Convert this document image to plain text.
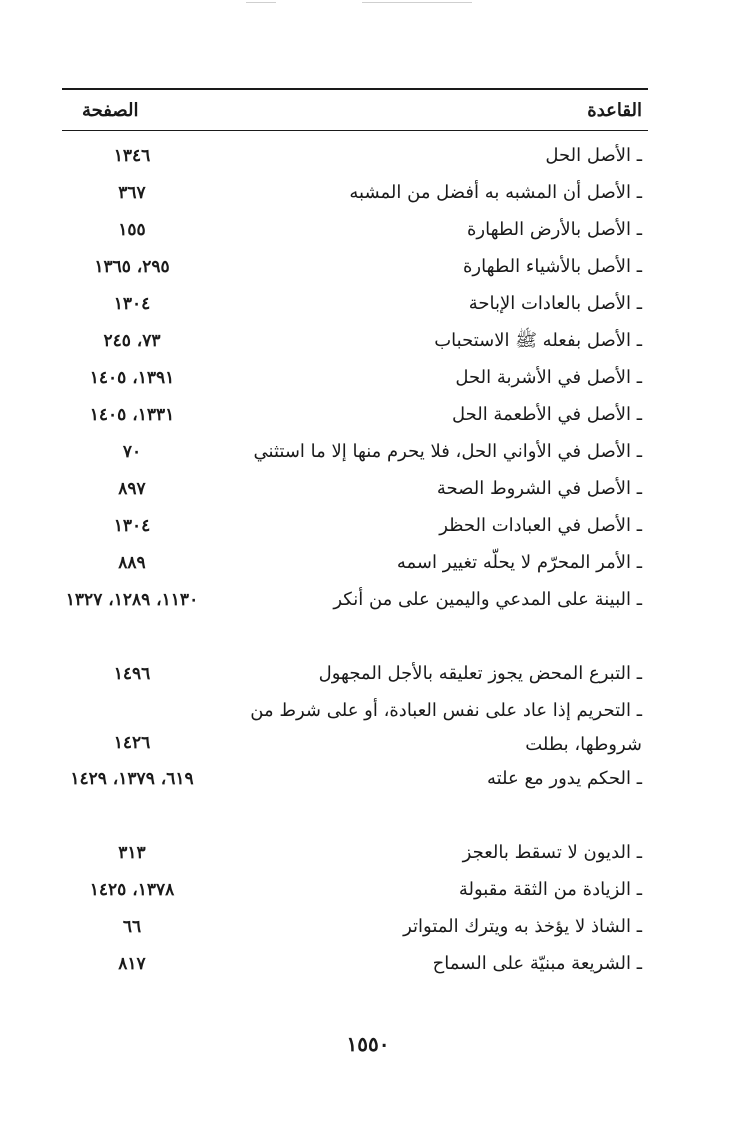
القاعدة
الصفحة
ـ الأصل الحل
١٣٤٦
ـ الأصل أن المشبه به أفضل من المشبه
٣٦٧
ـ الأصل بالأرض الطهارة
١٥٥
ـ الأصل بالأشياء الطهارة
٢٩٥، ١٣٦٥
ـ الأصل بالعادات الإباحة
١٣٠٤
ـ الأصل بفعله ﷺ الاستحباب
٧٣، ٢٤٥
ـ الأصل في الأشربة الحل
١٣٩١، ١٤٠٥
ـ الأصل في الأطعمة الحل
١٣٣١، ١٤٠٥
ـ الأصل في الأواني الحل، فلا يحرم منها إلا ما استثني
٧٠
ـ الأصل في الشروط الصحة
٨٩٧
ـ الأصل في العبادات الحظر
١٣٠٤
ـ الأمر المحرّم لا يحلّه تغيير اسمه
٨٨٩
ـ البينة على المدعي واليمين على من أنكر
١١٣٠، ١٢٨٩، ١٣٢٧
ـ التبرع المحض يجوز تعليقه بالأجل المجهول
١٤٩٦
ـ التحريم إذا عاد على نفس العبادة، أو على شرط من شروطها، بطلت
١٤٢٦
ـ الحكم يدور مع علته
٦١٩، ١٣٧٩، ١٤٢٩
ـ الديون لا تسقط بالعجز
٣١٣
ـ الزيادة من الثقة مقبولة
١٣٧٨، ١٤٢٥
ـ الشاذ لا يؤخذ به ويترك المتواتر
٦٦
ـ الشريعة مبنيّة على السماح
٨١٧
١٥٥٠
